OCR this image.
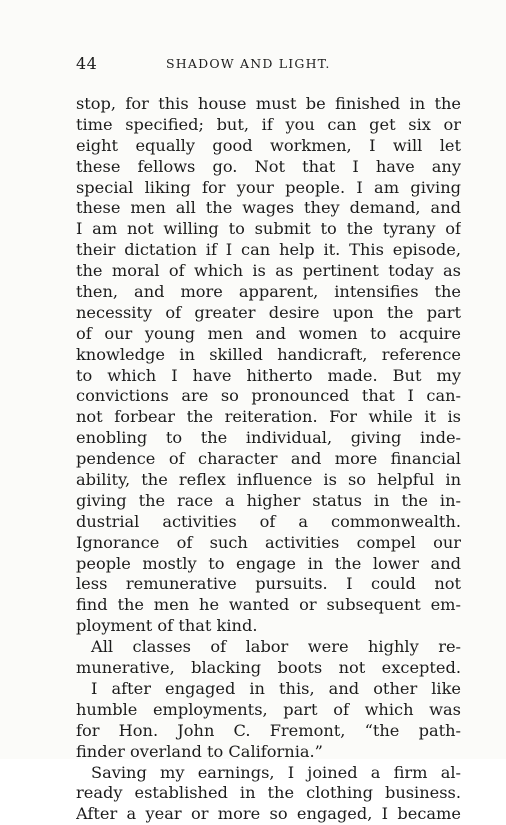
44	SHADOW AND LIGHT.
stop, for this house must be finished in the
time specified; but, if you can get six or
eight equally good workmen, I will let
these fellows go. Not that I have any
special liking for your people. I am giving
these men all the wages they demand, and
I am not willing to submit to the tyrany of
their dictation if I can help it. This episode,
the moral of which is as pertinent today as
then, and more apparent, intensifies the
necessity of greater desire upon the part
of our young men and women to acquire
knowledge in skilled handicraft, reference
to which I have hitherto made. But my
convictions are so pronounced that I can-
not forbear the reiteration. For while it is
enobling to the individual, giving inde-
pendence of character and more financial
ability, the reflex influence is so helpful in
giving the race a higher status in the in-
dustrial activities of a commonwealth.
Ignorance of such activities compel our
people mostly to engage in the lower and
less remunerative pursuits. I could not
find the men he wanted or subsequent em-
ployment of that kind.
All classes of labor were highly re-
munerative, blacking boots not excepted.
I after engaged in this, and other like
humble employments, part of which was
for Hon. John C. Fremont, “the path-
finder overland to California.”
Saving my earnings, I joined a firm al-
ready established in the clothing business.
After a year or more so engaged, I became
